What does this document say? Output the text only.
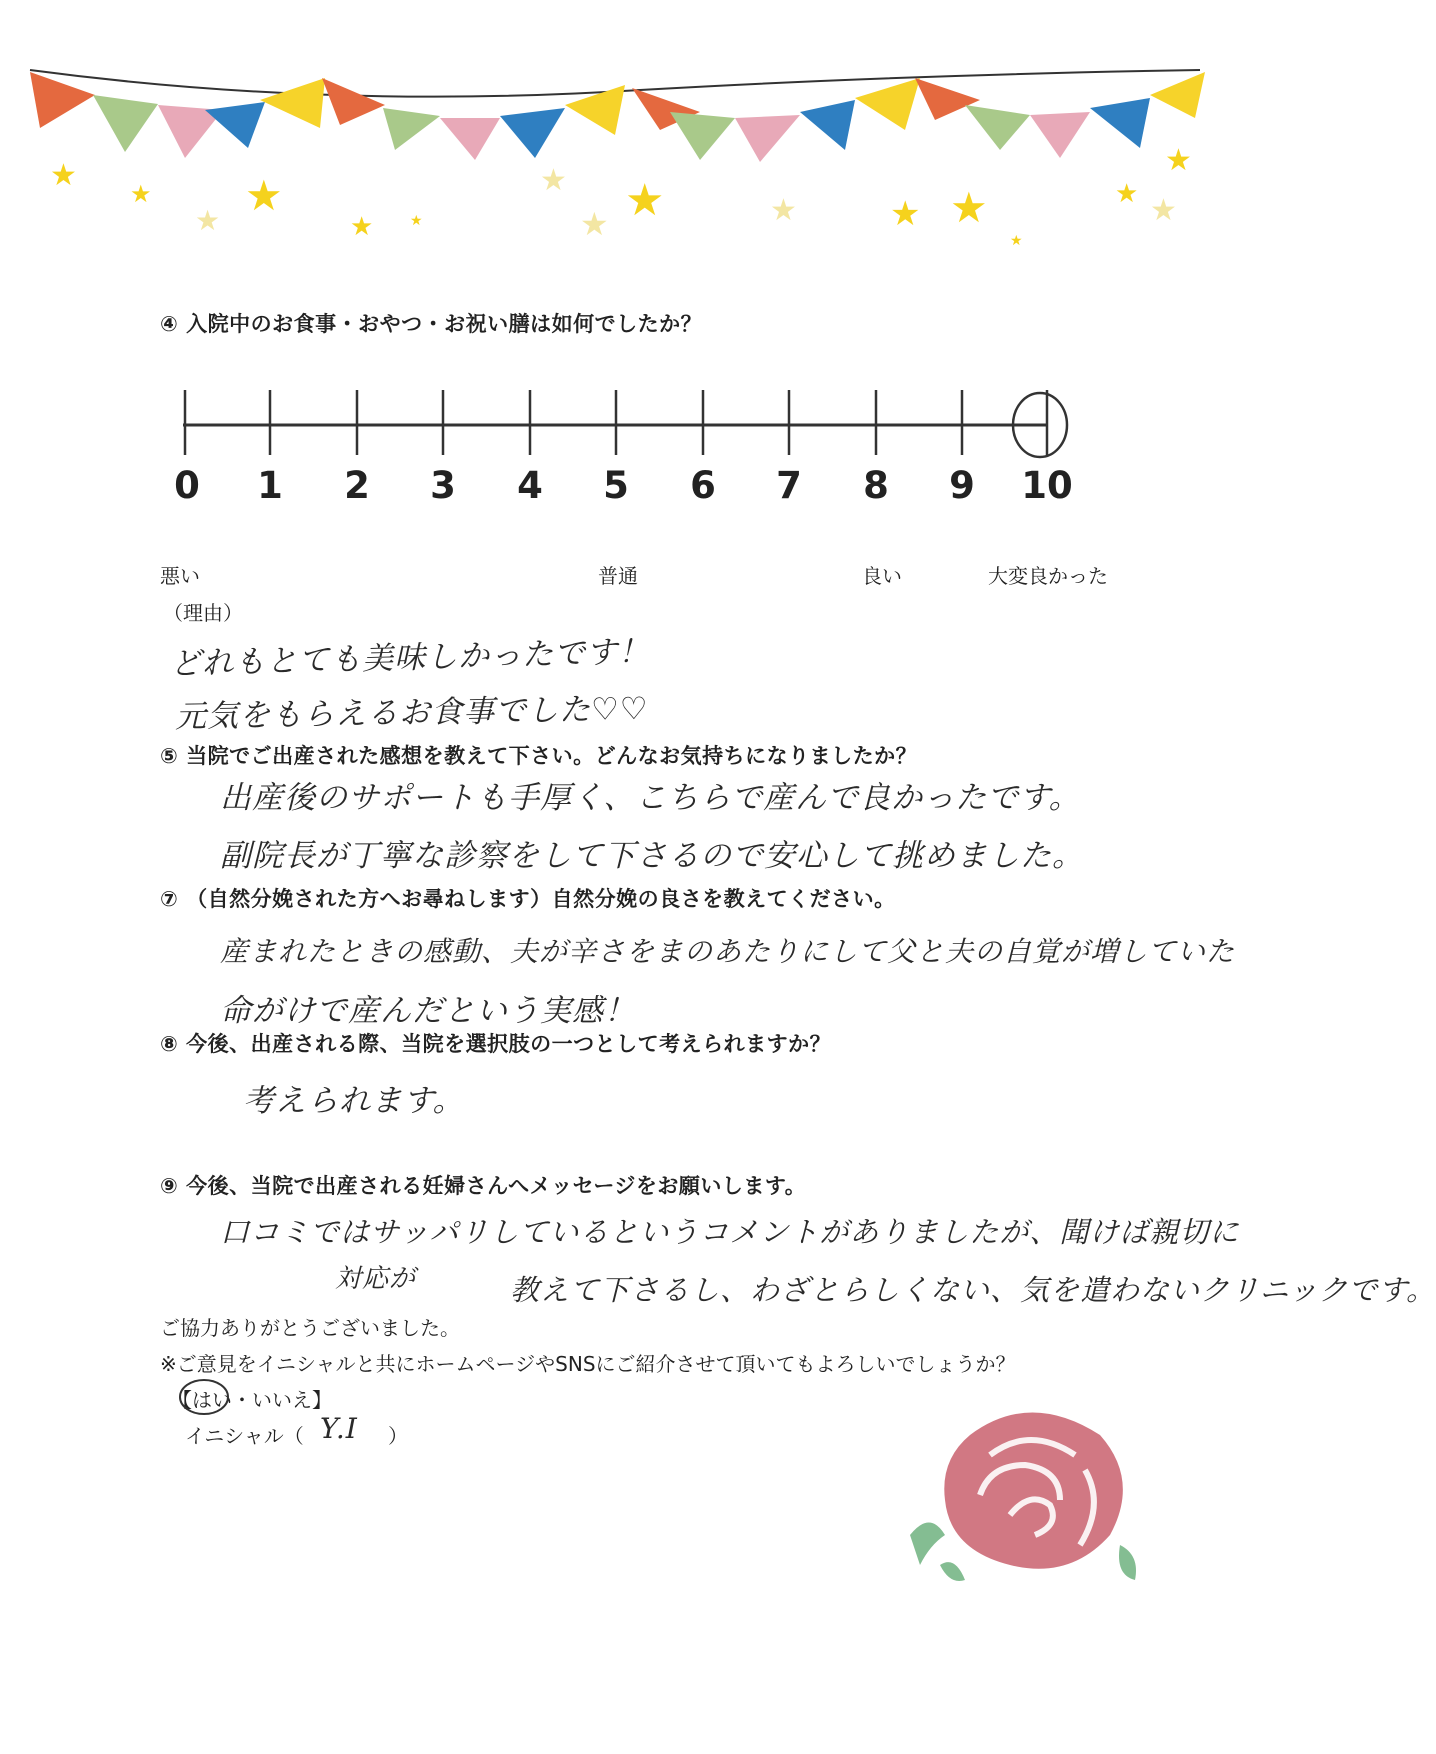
★
★
★
★
★	★
★
★ ★	★	★ ★	★ ★
★
★
④ 入院中のお食事・おやつ・お祝い膳は如何でしたか？
0 1 2 3 4 5 6 7 8 9 10
悪い	普通	良い	大変良かった
（理由）
どれもとても美味しかったです！
元気をもらえるお食事でした♡♡
⑤ 当院でご出産された感想を教えて下さい。どんなお気持ちになりましたか？
出産後のサポートも手厚く、こちらで産んで良かったです。
副院長が丁寧な診察をして下さるので安心して挑めました。
⑦ （自然分娩された方へお尋ねします）自然分娩の良さを教えてください。
産まれたときの感動、夫が辛さをまのあたりにして父と夫の自覚が増していた
命がけで産んだという実感！
⑧ 今後、出産される際、当院を選択肢の一つとして考えられますか？
考えられます。
⑨ 今後、当院で出産される妊婦さんへメッセージをお願いします。
口コミではサッパリしているというコメントがありましたが、聞けば親切に
対応が	教えて下さるし、わざとらしくない、気を遣わないクリニックです。
ご協力ありがとうございました。
※ご意見をイニシャルと共にホームページやSNSにご紹介させて頂いてもよろしいでしょうか？
【はい・いいえ】
イニシャル（ Y.I ）
